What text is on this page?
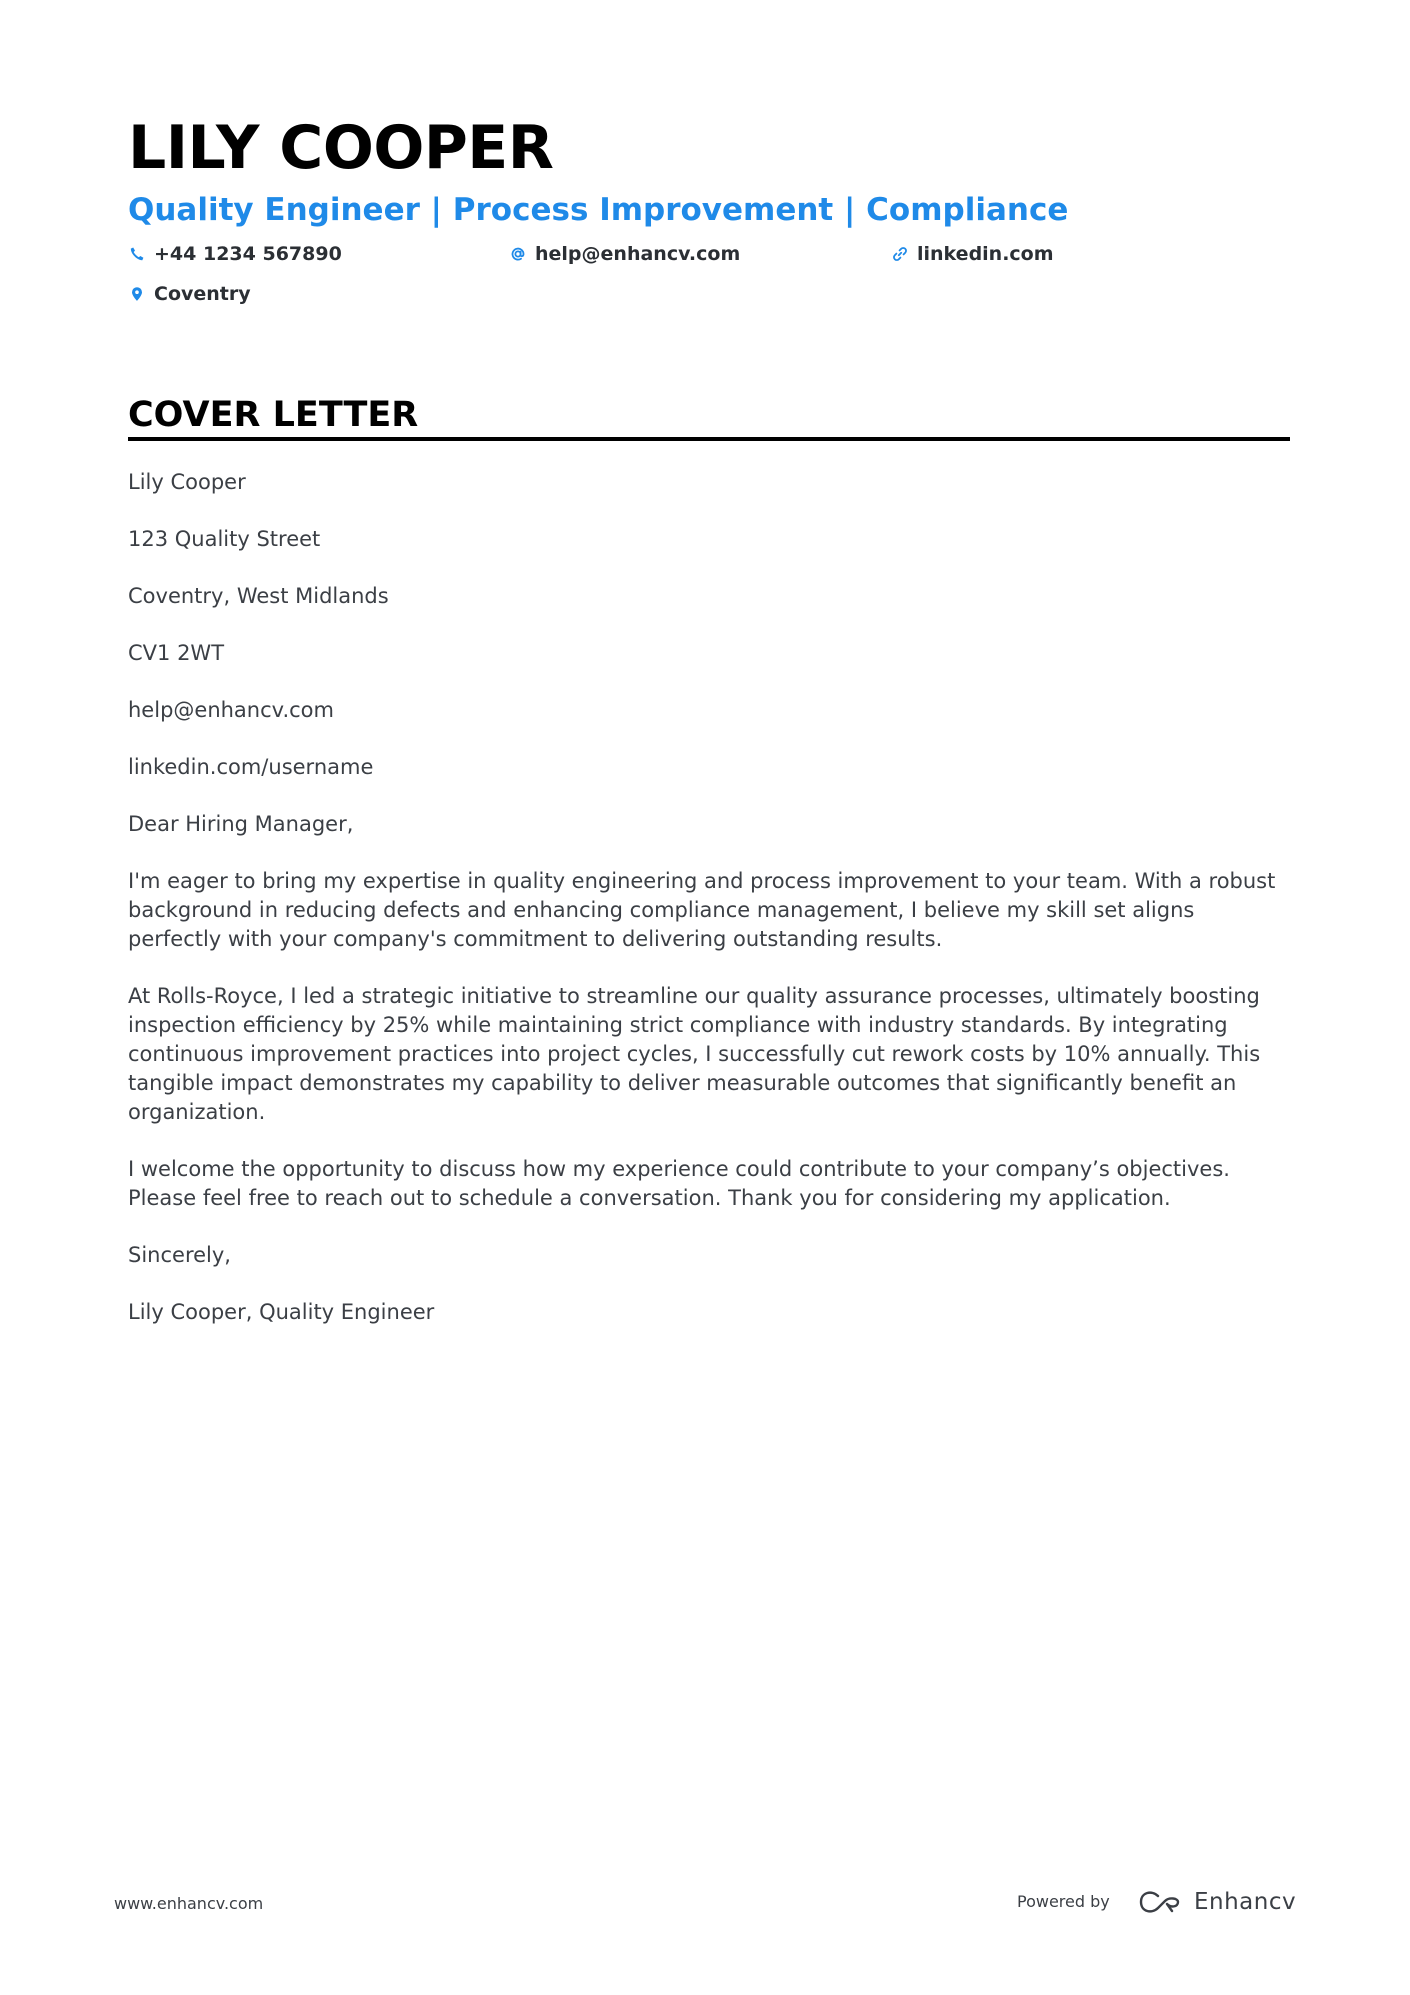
LILY COOPER
Quality Engineer | Process Improvement | Compliance
+44 1234 567890	help@enhancv.com	linkedin.com
Coventry
COVER LETTER

Lily Cooper

123 Quality Street

Coventry, West Midlands

CV1 2WT

help@enhancv.com

linkedin.com/username

Dear Hiring Manager,

I'm eager to bring my expertise in quality engineering and process improvement to your team. With a robust background in reducing defects and enhancing compliance management, I believe my skill set aligns perfectly with your company's commitment to delivering outstanding results.

At Rolls-Royce, I led a strategic initiative to streamline our quality assurance processes, ultimately boosting inspection efficiency by 25% while maintaining strict compliance with industry standards. By integrating continuous improvement practices into project cycles, I successfully cut rework costs by 10% annually. This tangible impact demonstrates my capability to deliver measurable outcomes that significantly benefit an organization.

I welcome the opportunity to discuss how my experience could contribute to your company’s objectives. Please feel free to reach out to schedule a conversation. Thank you for considering my application.

Sincerely,

Lily Cooper, Quality Engineer

www.enhancv.com	Powered by	Enhancv
